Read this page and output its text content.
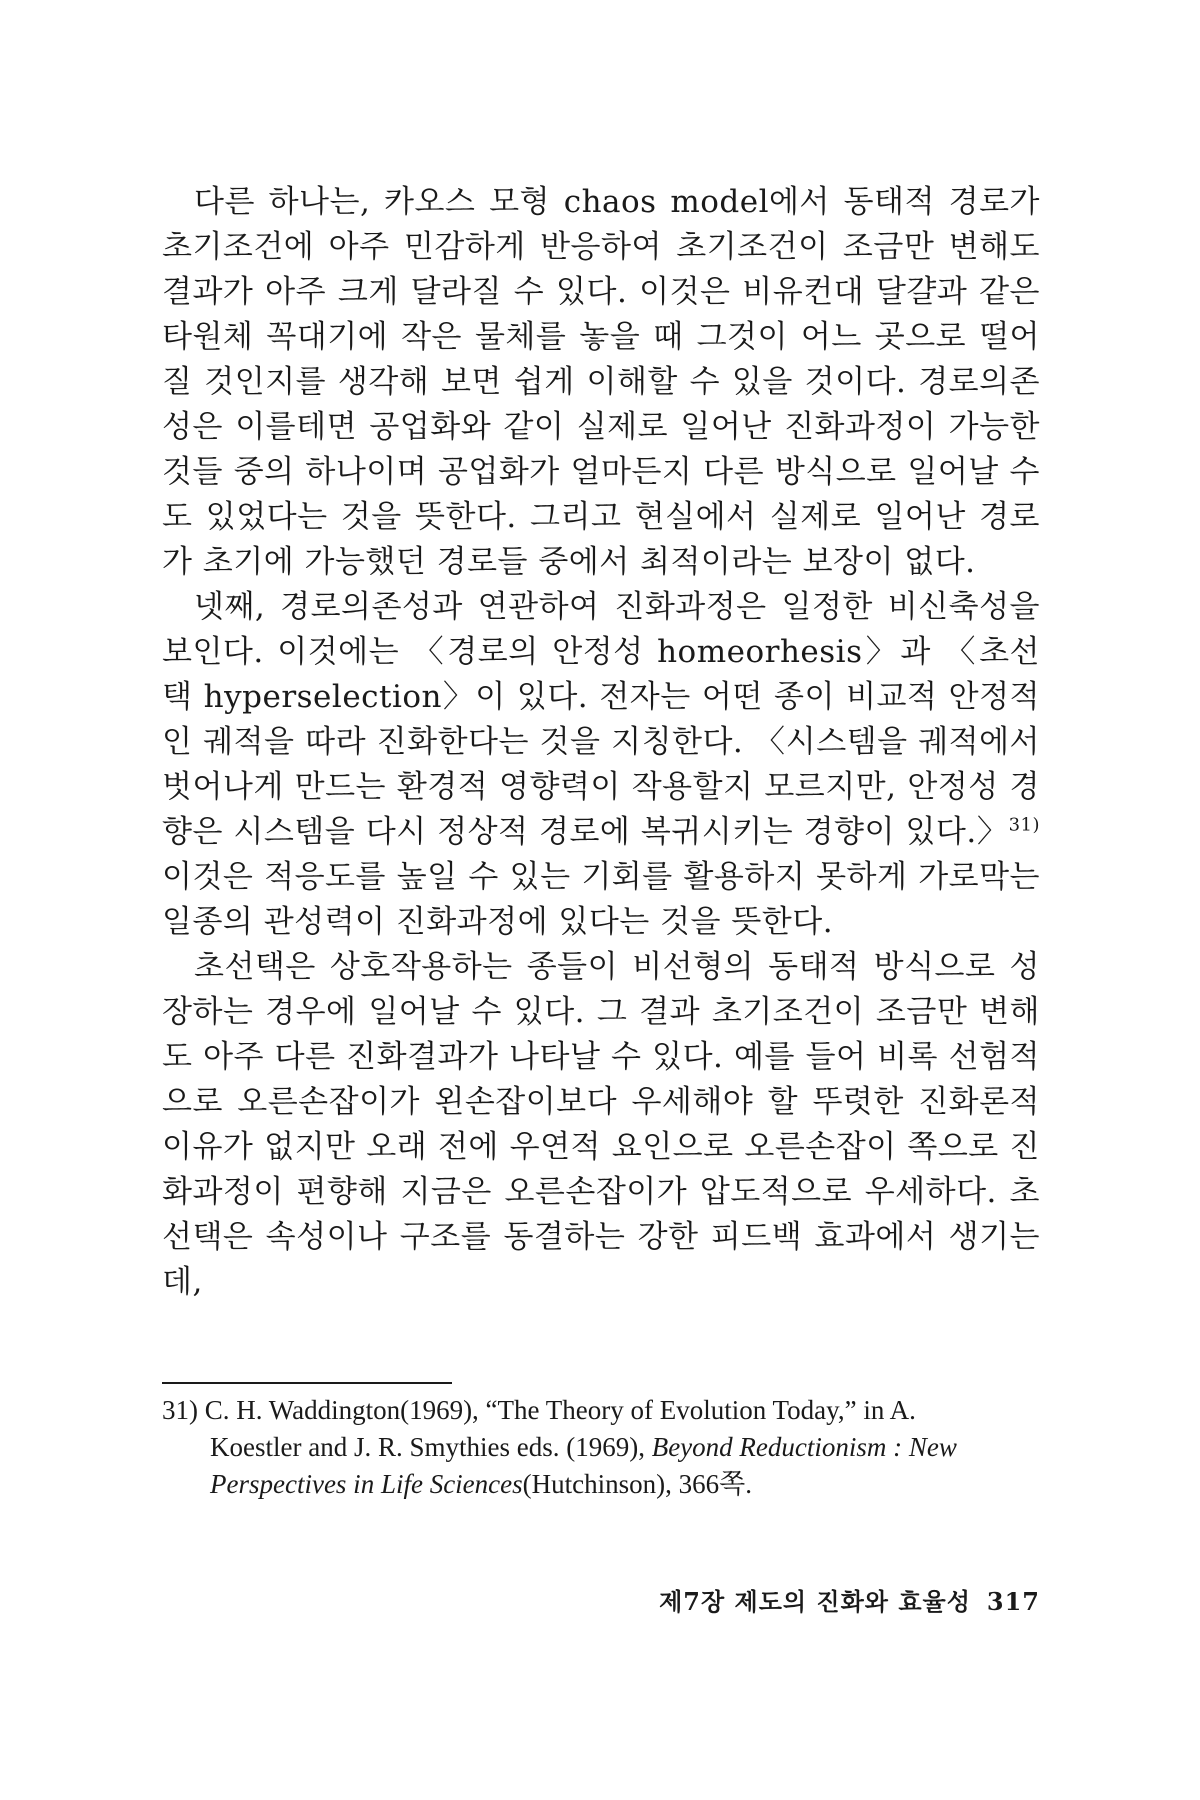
다른 하나는, 카오스 모형 chaos model에서 동태적 경로가 초기조건에 아주 민감하게 반응하여 초기조건이 조금만 변해도 결과가 아주 크게 달라질 수 있다. 이것은 비유컨대 달걀과 같은 타원체 꼭대기에 작은 물체를 놓을 때 그것이 어느 곳으로 떨어질 것인지를 생각해 보면 쉽게 이해할 수 있을 것이다. 경로의존성은 이를테면 공업화와 같이 실제로 일어난 진화과정이 가능한 것들 중의 하나이며 공업화가 얼마든지 다른 방식으로 일어날 수도 있었다는 것을 뜻한다. 그리고 현실에서 실제로 일어난 경로가 초기에 가능했던 경로들 중에서 최적이라는 보장이 없다.

넷째, 경로의존성과 연관하여 진화과정은 일정한 비신축성을 보인다. 이것에는 〈경로의 안정성 homeorhesis〉과 〈초선택 hyperselection〉이 있다. 전자는 어떤 종이 비교적 안정적인 궤적을 따라 진화한다는 것을 지칭한다. 〈시스템을 궤적에서 벗어나게 만드는 환경적 영향력이 작용할지 모르지만, 안정성 경향은 시스템을 다시 정상적 경로에 복귀시키는 경향이 있다.〉$^{31)}$ 이것은 적응도를 높일 수 있는 기회를 활용하지 못하게 가로막는 일종의 관성력이 진화과정에 있다는 것을 뜻한다.

초선택은 상호작용하는 종들이 비선형의 동태적 방식으로 성장하는 경우에 일어날 수 있다. 그 결과 초기조건이 조금만 변해도 아주 다른 진화결과가 나타날 수 있다. 예를 들어 비록 선험적으로 오른손잡이가 왼손잡이보다 우세해야 할 뚜렷한 진화론적 이유가 없지만 오래 전에 우연적 요인으로 오른손잡이 쪽으로 진화과정이 편향해 지금은 오른손잡이가 압도적으로 우세하다. 초선택은 속성이나 구조를 동결하는 강한 피드백 효과에서 생기는데,

31) C. H. Waddington(1969), “The Theory of Evolution Today,” in A.
Koestler and J. R. Smythies eds. (1969), Beyond Reductionism : New Perspectives in Life Sciences(Hutchinson), 366쪽.
제7장 제도의 진화와 효율성 317
